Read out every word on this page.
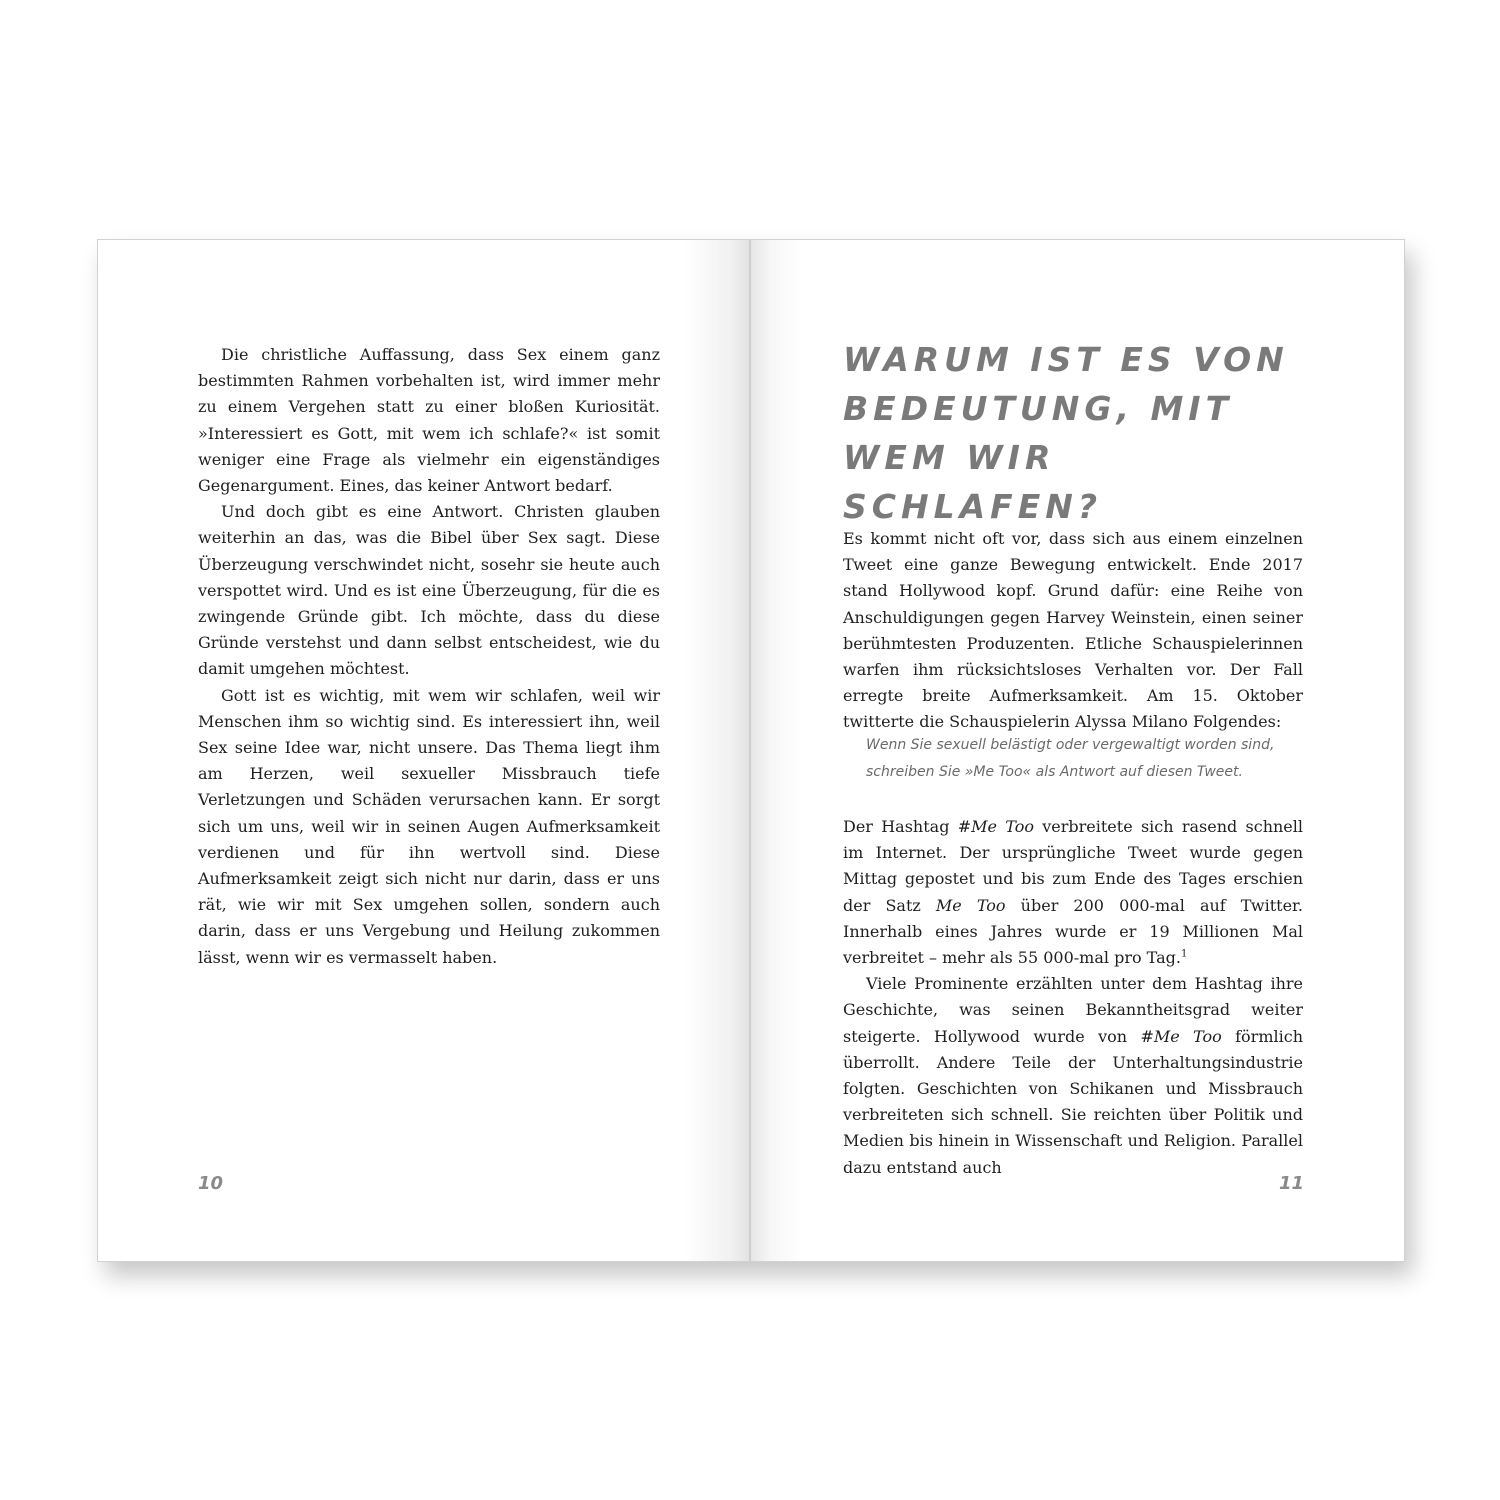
Die christliche Auffassung, dass Sex einem ganz bestimmten Rahmen vorbehalten ist, wird immer mehr zu einem Vergehen statt zu einer bloßen Kuriosität. »Interessiert es Gott, mit wem ich schlafe?« ist somit weniger eine Frage als vielmehr ein eigenständiges Gegenargument. Eines, das keiner Antwort bedarf.

Und doch gibt es eine Antwort. Christen glauben weiterhin an das, was die Bibel über Sex sagt. Diese Überzeugung verschwindet nicht, sosehr sie heute auch verspottet wird. Und es ist eine Überzeugung, für die es zwingende Gründe gibt. Ich möchte, dass du diese Gründe verstehst und dann selbst entscheidest, wie du damit umgehen möchtest.

Gott ist es wichtig, mit wem wir schlafen, weil wir Menschen ihm so wichtig sind. Es interessiert ihn, weil Sex seine Idee war, nicht unsere. Das Thema liegt ihm am Herzen, weil sexueller Missbrauch tiefe Verletzungen und Schäden verursachen kann. Er sorgt sich um uns, weil wir in seinen Augen Aufmerksamkeit verdienen und für ihn wertvoll sind. Diese Aufmerksamkeit zeigt sich nicht nur darin, dass er uns rät, wie wir mit Sex umgehen sollen, sondern auch darin, dass er uns Vergebung und Heilung zukommen lässt, wenn wir es vermasselt haben.

10
WARUM IST ES VON BEDEUTUNG, MIT WEM WIR SCHLAFEN?

Es kommt nicht oft vor, dass sich aus einem einzelnen Tweet eine ganze Bewegung entwickelt. Ende 2017 stand Hollywood kopf. Grund dafür: eine Reihe von Anschuldigungen gegen Harvey Weinstein, einen seiner berühmtesten Produzenten. Etliche Schauspielerinnen warfen ihm rücksichtsloses Verhalten vor. Der Fall erregte breite Aufmerksamkeit. Am 15. Oktober twitterte die Schauspielerin Alyssa Milano Folgendes:

Wenn Sie sexuell belästigt oder vergewaltigt worden sind, schreiben Sie »Me Too« als Antwort auf diesen Tweet.

Der Hashtag #Me Too verbreitete sich rasend schnell im Internet. Der ursprüngliche Tweet wurde gegen Mittag gepostet und bis zum Ende des Tages erschien der Satz Me Too über 200 000-mal auf Twitter. Innerhalb eines Jahres wurde er 19 Millionen Mal verbreitet – mehr als 55 000-mal pro Tag.$^1$

Viele Prominente erzählten unter dem Hashtag ihre Geschichte, was seinen Bekanntheitsgrad weiter steigerte. Hollywood wurde von #Me Too förmlich überrollt. Andere Teile der Unterhaltungsindustrie folgten. Geschichten von Schikanen und Missbrauch verbreiteten sich schnell. Sie reichten über Politik und Medien bis hinein in Wissenschaft und Religion. Parallel dazu entstand auch

11
